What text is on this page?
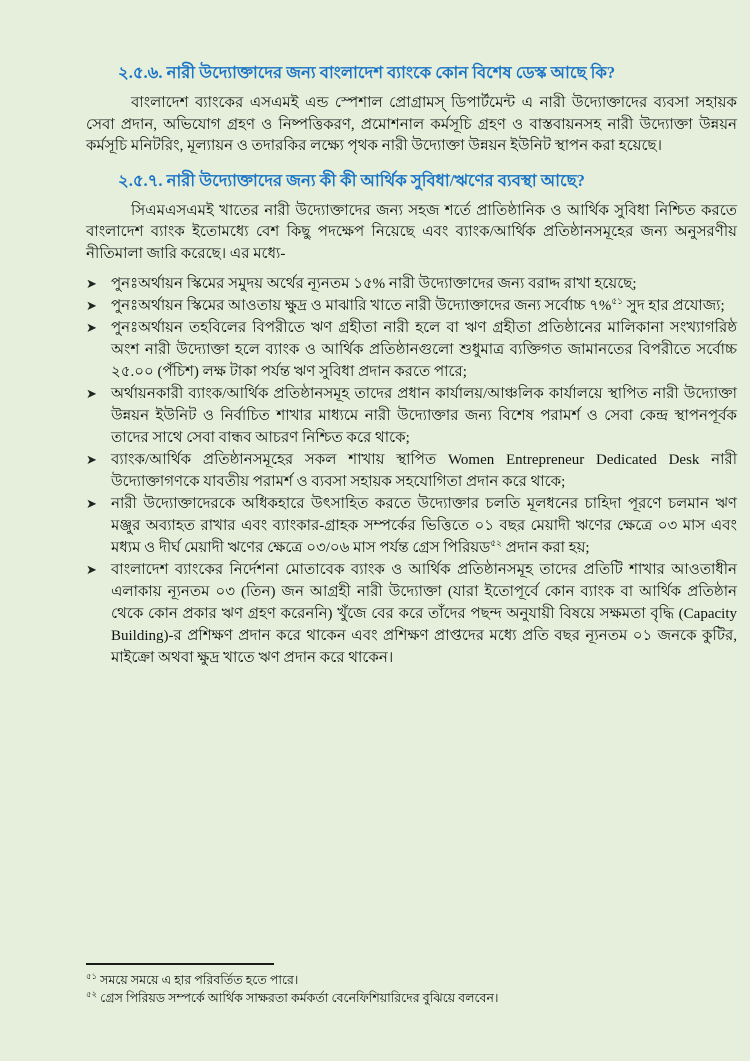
২.৫.৬. নারী উদ্যোক্তাদের জন্য বাংলাদেশ ব্যাংকে কোন বিশেষ ডেস্ক আছে কি?

বাংলাদেশ ব্যাংকের এসএমই এন্ড স্পেশাল প্রোগ্রামস্ ডিপার্টমেন্ট এ নারী উদ্যোক্তাদের ব্যবসা সহায়ক সেবা প্রদান, অভিযোগ গ্রহণ ও নিষ্পত্তিকরণ, প্রমোশনাল কর্মসূচি গ্রহণ ও বাস্তবায়নসহ নারী উদ্যোক্তা উন্নয়ন কর্মসূচি মনিটরিং, মূল্যায়ন ও তদারকির লক্ষ্যে পৃথক নারী উদ্যোক্তা উন্নয়ন ইউনিট স্থাপন করা হয়েছে।

২.৫.৭. নারী উদ্যোক্তাদের জন্য কী কী আর্থিক সুবিধা/ঋণের ব্যবস্থা আছে?

সিএমএসএমই খাতের নারী উদ্যোক্তাদের জন্য সহজ শর্তে প্রাতিষ্ঠানিক ও আর্থিক সুবিধা নিশ্চিত করতে বাংলাদেশ ব্যাংক ইতোমধ্যে বেশ কিছু পদক্ষেপ নিয়েছে এবং ব্যাংক/আর্থিক প্রতিষ্ঠানসমূহের জন্য অনুসরণীয় নীতিমালা জারি করেছে। এর মধ্যে-

➤ পুনঃঅর্থায়ন স্কিমের সমুদয় অর্থের ন্যূনতম ১৫% নারী উদ্যোক্তাদের জন্য বরাদ্দ রাখা হয়েছে;
➤ পুনঃঅর্থায়ন স্কিমের আওতায় ক্ষুদ্র ও মাঝারি খাতে নারী উদ্যোক্তাদের জন্য সর্বোচ্চ ৭%$^{৫১}$ সুদ হার প্রযোজ্য;
➤ পুনঃঅর্থায়ন তহবিলের বিপরীতে ঋণ গ্রহীতা নারী হলে বা ঋণ গ্রহীতা প্রতিষ্ঠানের মালিকানা সংখ্যাগরিষ্ঠ অংশ নারী উদ্যোক্তা হলে ব্যাংক ও আর্থিক প্রতিষ্ঠানগুলো শুধুমাত্র ব্যক্তিগত জামানতের বিপরীতে সর্বোচ্চ ২৫.০০ (পঁচিশ) লক্ষ টাকা পর্যন্ত ঋণ সুবিধা প্রদান করতে পারে;
➤ অর্থায়নকারী ব্যাংক/আর্থিক প্রতিষ্ঠানসমূহ তাদের প্রধান কার্যালয়/আঞ্চলিক কার্যালয়ে স্থাপিত নারী উদ্যোক্তা উন্নয়ন ইউনিট ও নির্বাচিত শাখার মাধ্যমে নারী উদ্যোক্তার জন্য বিশেষ পরামর্শ ও সেবা কেন্দ্র স্থাপনপূর্বক তাদের সাথে সেবা বান্ধব আচরণ নিশ্চিত করে থাকে;
➤ ব্যাংক/আর্থিক প্রতিষ্ঠানসমূহের সকল শাখায় স্থাপিত Women Entrepreneur Dedicated Desk নারী উদ্যোক্তাগণকে যাবতীয় পরামর্শ ও ব্যবসা সহায়ক সহযোগিতা প্রদান করে থাকে;
➤ নারী উদ্যোক্তাদেরকে অধিকহারে উৎসাহিত করতে উদ্যোক্তার চলতি মূলধনের চাহিদা পূরণে চলমান ঋণ মঞ্জুর অব্যাহত রাখার এবং ব্যাংকার-গ্রাহক সম্পর্কের ভিত্তিতে ০১ বছর মেয়াদী ঋণের ক্ষেত্রে ০৩ মাস এবং মধ্যম ও দীর্ঘ মেয়াদী ঋণের ক্ষেত্রে ০৩/০৬ মাস পর্যন্ত গ্রেস পিরিয়ড$^{৫২}$ প্রদান করা হয়;
➤ বাংলাদেশ ব্যাংকের নির্দেশনা মোতাবেক ব্যাংক ও আর্থিক প্রতিষ্ঠানসমূহ তাদের প্রতিটি শাখার আওতাধীন এলাকায় ন্যূনতম ০৩ (তিন) জন আগ্রহী নারী উদ্যোক্তা (যারা ইতোপূর্বে কোন ব্যাংক বা আর্থিক প্রতিষ্ঠান থেকে কোন প্রকার ঋণ গ্রহণ করেননি) খুঁজে বের করে তাঁদের পছন্দ অনুযায়ী বিষয়ে সক্ষমতা বৃদ্ধি (Capacity Building)-র প্রশিক্ষণ প্রদান করে থাকেন এবং প্রশিক্ষণ প্রাপ্তদের মধ্যে প্রতি বছর ন্যূনতম ০১ জনকে কুটির, মাইক্রো অথবা ক্ষুদ্র খাতে ঋণ প্রদান করে থাকেন।
$^{৫১}$ সময়ে সময়ে এ হার পরিবর্তিত হতে পারে।
$^{৫২}$ গ্রেস পিরিয়ড সম্পর্কে আর্থিক সাক্ষরতা কর্মকর্তা বেনেফিশিয়ারিদের বুঝিয়ে বলবেন।
